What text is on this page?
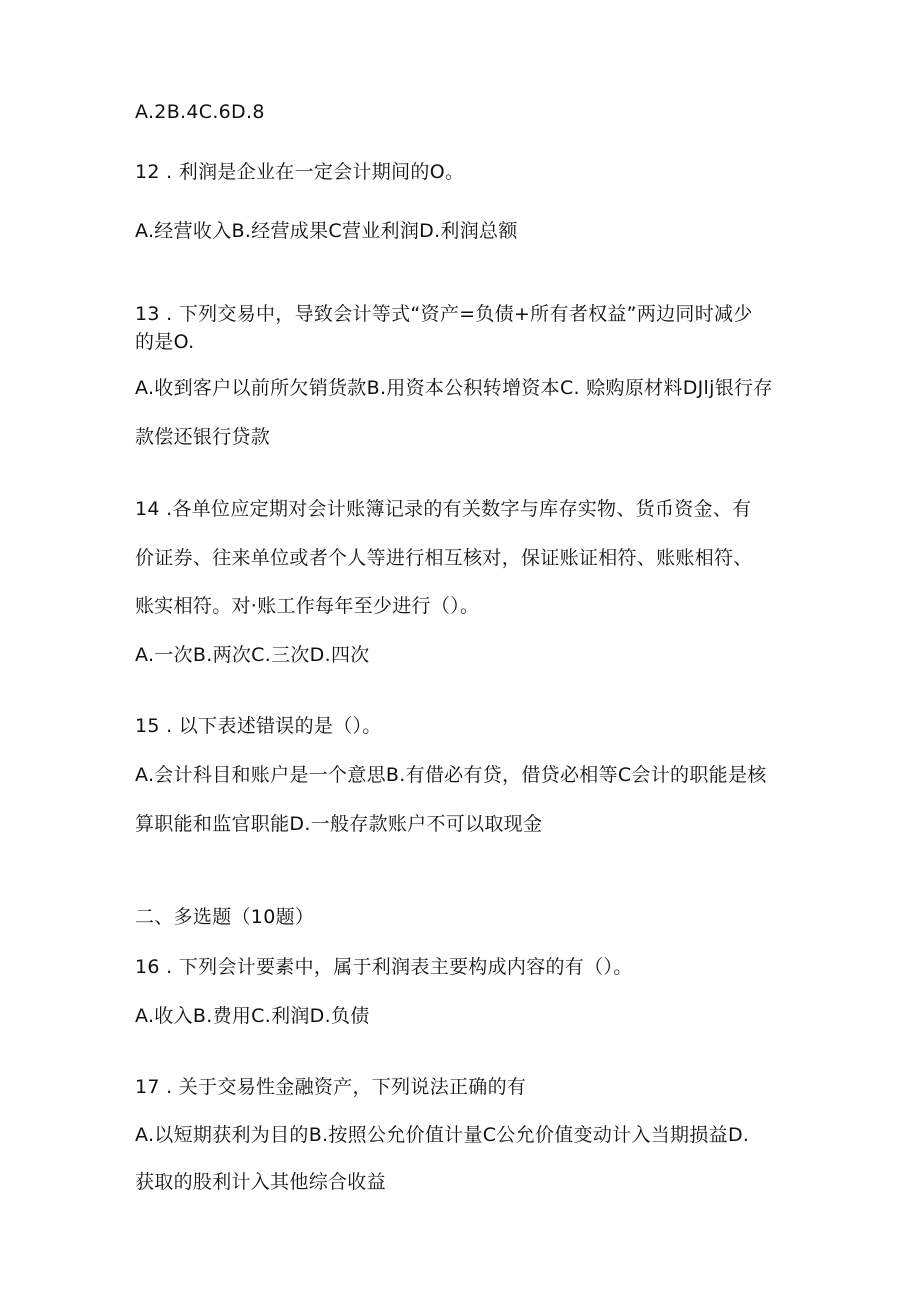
A.2B.4C.6D.8
12 . 利润是企业在一定会计期间的O。
A.经营收入B.经营成果C营业利润D.利润总额
13 . 下列交易中，导致会计等式“资产=负债+所有者权益”两边同时减少
的是O.
A.收到客户以前所欠销货款B.用资本公积转增资本C. 赊购原材料DJlj银行存
款偿还银行贷款
14 .各单位应定期对会计账簿记录的有关数字与库存实物、货币资金、有
价证券、往来单位或者个人等进行相互核对，保证账证相符、账账相符、
账实相符。对·账工作每年至少进行（）。
A.一次B.两次C.三次D.四次
15 . 以下表述错误的是（）。
A.会计科目和账户是一个意思B.有借必有贷，借贷必相等C会计的职能是核
算职能和监官职能D.一般存款账户不可以取现金
二、多选题（10题）
16 . 下列会计要素中，属于利润表主要构成内容的有（）。
A.收入B.费用C.利润D.负债
17 . 关于交易性金融资产，下列说法正确的有
A.以短期获利为目的B.按照公允价值计量C公允价值变动计入当期损益D.
获取的股利计入其他综合收益
